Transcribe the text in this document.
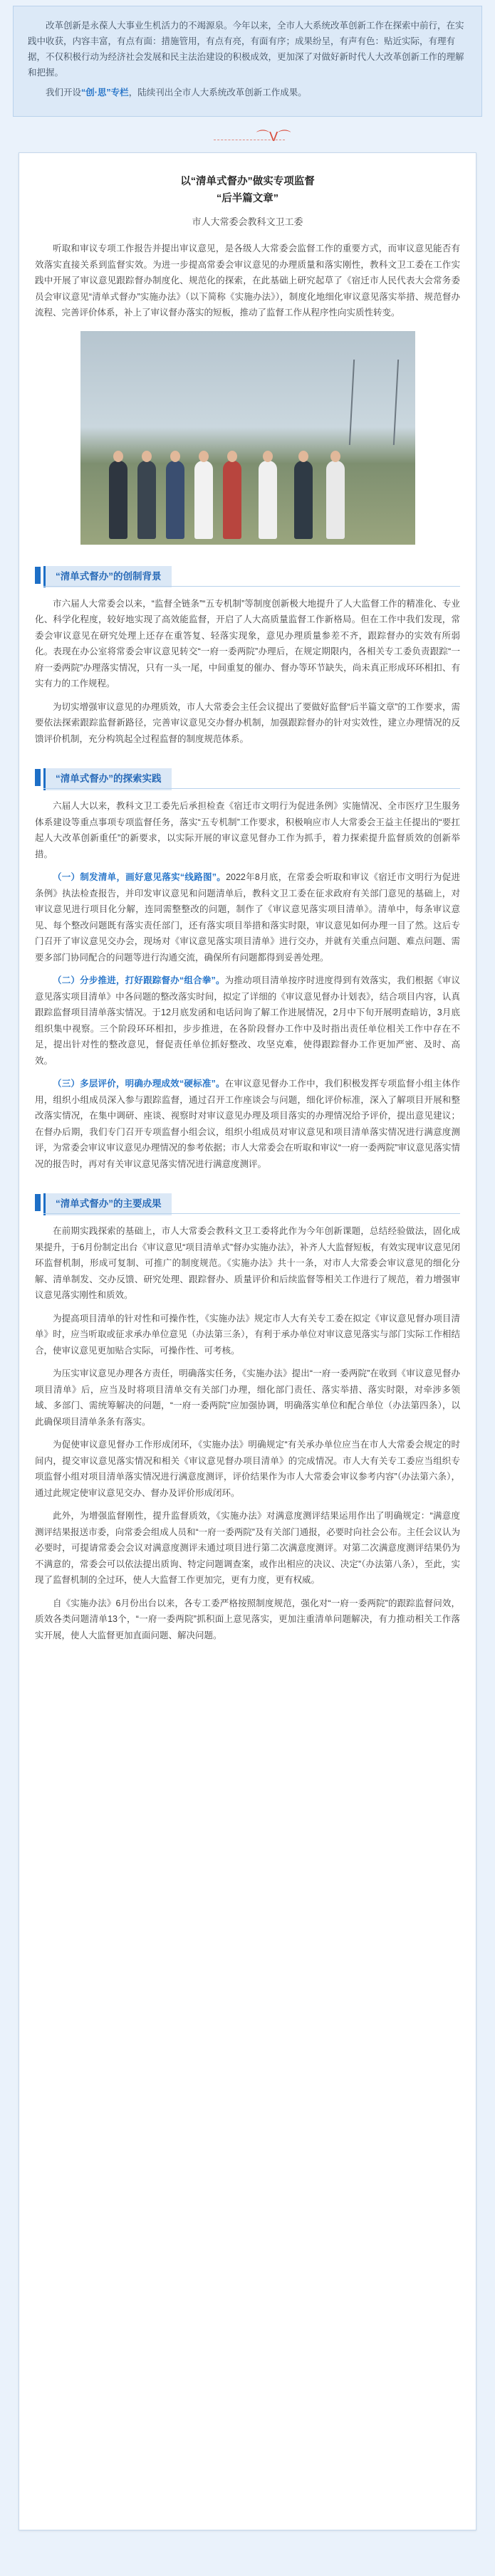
改革创新是永葆人大事业生机活力的不竭源泉。今年以来，全市人大系统改革创新工作在探索中前行，在实践中收获，内容丰富，有点有面：措施管用，有点有亮，有面有序；成果纷呈，有声有色：贴近实际，有理有据，不仅积极行动为经济社会发展和民主法治建设的积极成效，更加深了对做好新时代人大改革创新工作的理解和把握。

我们开设“创·思”专栏，陆续刊出全市人大系统改革创新工作成果。

⌒ᐯ⌒
以“清单式督办”做实专项监督
“后半篇文章”
市人大常委会教科文卫工委

听取和审议专项工作报告并提出审议意见，是各级人大常委会监督工作的重要方式，而审议意见能否有效落实直接关系到监督实效。为进一步提高常委会审议意见的办理质量和落实刚性，教科文卫工委在工作实践中开展了审议意见跟踪督办制度化、规范化的探索，在此基础上研究起草了《宿迁市人民代表大会常务委员会审议意见“清单式督办”实施办法》（以下简称《实施办法》），制度化地细化审议意见落实举措、规范督办流程、完善评价体系，补上了审议督办落实的短板，推动了监督工作从程序性向实质性转变。

“清单式督办”的创制背景

市六届人大常委会以来，“监督全链条”“五专机制”等制度创新极大地提升了人大监督工作的精准化、专业化、科学化程度，较好地实现了高效能监督，开启了人大高质量监督工作新格局。但在工作中我们发现，常委会审议意见在研究处理上还存在重答复、轻落实现象，意见办理质量参差不齐，跟踪督办的实效有所弱化。表现在办公室将常委会审议意见转交“一府一委两院”办理后，在规定期限内，各相关专工委负责跟踪“一府一委两院”办理落实情况，只有一头一尾，中间重复的催办、督办等环节缺失，尚未真正形成环环相扣、有实有力的工作规程。

为切实增强审议意见的办理质效，市人大常委会主任会议提出了要做好监督“后半篇文章”的工作要求，需要依法探索跟踪监督新路径，完善审议意见交办督办机制，加强跟踪督办的针对实效性，建立办理情况的反馈评价机制，充分构筑起全过程监督的制度规范体系。

“清单式督办”的探索实践

六届人大以来，教科文卫工委先后承担检查《宿迁市文明行为促进条例》实施情况、全市医疗卫生服务体系建设等重点事项专项监督任务，落实“五专机制”工作要求，积极响应市人大常委会王益主任提出的“要扛起人大改革创新重任”的新要求，以实际开展的审议意见督办工作为抓手，着力探索提升监督质效的创新举措。

（一）制发清单，画好意见落实“线路图”。2022年8月底，在常委会听取和审议《宿迁市文明行为促进条例》执法检查报告，并印发审议意见和问题清单后，教科文卫工委在征求政府有关部门意见的基础上，对审议意见进行项目化分解，连同需整整改的问题，制作了《审议意见落实项目清单》。清单中，每条审议意见、每个整改问题既有落实责任部门，还有落实项目举措和落实时限，审议意见如何办理一目了然。这后专门召开了审议意见交办会，现场对《审议意见落实项目清单》进行交办，并就有关重点问题、难点问题、需要多部门协同配合的问题等进行沟通交流，确保所有问题都得到妥善处理。

（二）分步推进，打好跟踪督办“组合拳”。为推动项目清单按序时进度得到有效落实，我们根据《审议意见落实项目清单》中各问题的整改落实时间，拟定了详细的《审议意见督办计划表》，结合项目内容，认真跟踪监督项目清单落实情况。于12月底发函和电话问询了解工作进展情况，2月中下旬开展明查暗访，3月底组织集中视察。三个阶段环环相扣，步步推进，在各阶段督办工作中及时指出责任单位相关工作中存在不足，提出针对性的整改意见，督促责任单位抓好整改、攻坚克难，使得跟踪督办工作更加严密、及时、高效。

（三）多层评价，明确办理成效“硬标准”。在审议意见督办工作中，我们积极发挥专项监督小组主体作用，组织小组成员深入参与跟踪监督，通过召开工作座谈会与问题，细化评价标准，深入了解项目开展和整改落实情况，在集中调研、座谈、视察时对审议意见办理及项目落实的办理情况给予评价，提出意见建议；在督办后期，我们专门召开专项监督小组会议，组织小组成员对审议意见和项目清单落实情况进行满意度测评，为常委会审议审议意见办理情况的参考依据；市人大常委会在听取和审议“一府一委两院”审议意见落实情况的报告时，再对有关审议意见落实情况进行满意度测评。

“清单式督办”的主要成果

在前期实践探索的基础上，市人大常委会教科文卫工委将此作为今年创新课题，总结经验做法，固化成果提升，于6月份制定出台《审议意见“项目清单式”督办实施办法》，补齐人大监督短板，有效实现审议意见闭环监督机制，形成可复制、可推广的制度规范。《实施办法》共十一条，对市人大常委会审议意见的细化分解、清单制发、交办反馈、研究处理、跟踪督办、质量评价和后续监督等相关工作进行了规范，着力增强审议意见落实刚性和质效。

为提高项目清单的针对性和可操作性，《实施办法》规定市人大有关专工委在拟定《审议意见督办项目清单》时，应当听取或征求承办单位意见（办法第三条），有利于承办单位对审议意见落实与部门实际工作相结合，使审议意见更加贴合实际，可操作性、可考核。

为压实审议意见办理各方责任，明确落实任务，《实施办法》提出“一府一委两院”在收到《审议意见督办项目清单》后，应当及时将项目清单交有关部门办理，细化部门责任、落实举措、落实时限，对牵涉多领域、多部门、需统筹解决的问题，“一府一委两院”应加强协调，明确落实单位和配合单位（办法第四条），以此确保项目清单条条有落实。

为促使审议意见督办工作形成闭环，《实施办法》明确规定“有关承办单位应当在市人大常委会规定的时间内，提交审议意见落实情况和相关《审议意见督办项目清单》的完成情况。市人大有关专工委应当组织专项监督小组对项目清单落实情况进行满意度测评，评价结果作为市人大常委会审议参考内容”（办法第六条），通过此规定使审议意见交办、督办及评价形成闭环。

此外，为增强监督刚性，提升监督质效，《实施办法》对满意度测评结果运用作出了明确规定：“满意度测评结果报送市委，向常委会组成人员和“一府一委两院”及有关部门通报，必要时向社会公布。主任会议认为必要时，可提请常委会会议对满意度测评未通过项目进行第二次满意度测评。对第二次满意度测评结果仍为不满意的，常委会可以依法提出质询、特定问题调查案，或作出相应的决议、决定”（办法第八条），至此，实现了监督机制的全过环，使人大监督工作更加完，更有力度，更有权威。

自《实施办法》6月份出台以来，各专工委严格按照制度规范，强化对“一府一委两院”的跟踪监督问效，质效各类问题清单13个，“一府一委两院”抓积面上意见落实，更加注重清单问题解决，有力推动相关工作落实开展，使人大监督更加直面问题、解决问题。
